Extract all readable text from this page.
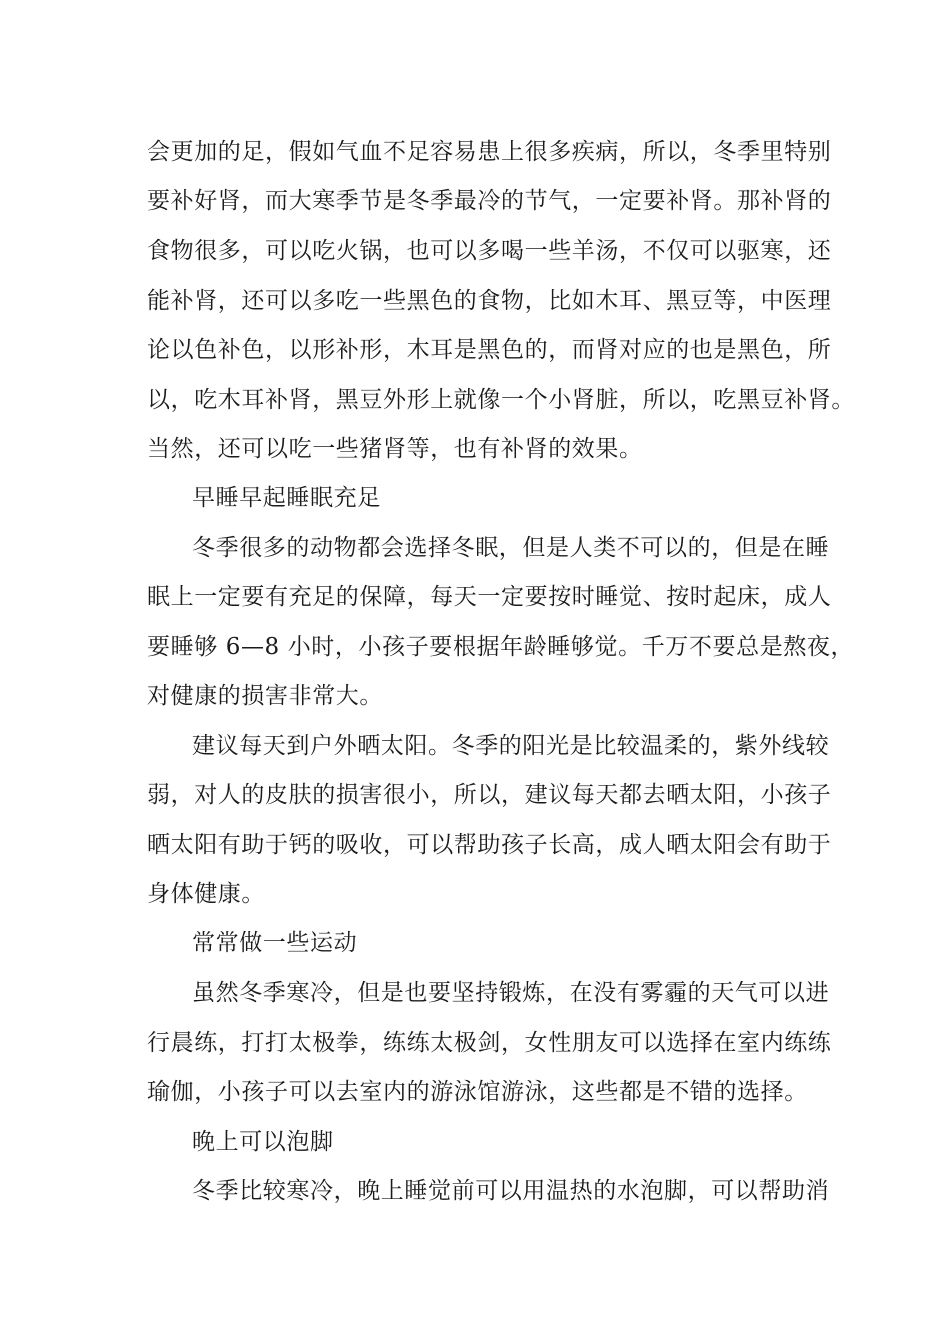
会更加的足，假如气血不足容易患上很多疾病，所以，冬季里特别
要补好肾，而大寒季节是冬季最冷的节气，一定要补肾。那补肾的
食物很多，可以吃火锅，也可以多喝一些羊汤，不仅可以驱寒，还
能补肾，还可以多吃一些黑色的食物，比如木耳、黑豆等，中医理
论以色补色，以形补形，木耳是黑色的，而肾对应的也是黑色，所
以，吃木耳补肾，黑豆外形上就像一个小肾脏，所以，吃黑豆补肾。
当然，还可以吃一些猪肾等，也有补肾的效果。
早睡早起睡眠充足
冬季很多的动物都会选择冬眠，但是人类不可以的，但是在睡
眠上一定要有充足的保障，每天一定要按时睡觉、按时起床，成人
要睡够 6—8 小时，小孩子要根据年龄睡够觉。千万不要总是熬夜，
对健康的损害非常大。
建议每天到户外晒太阳。冬季的阳光是比较温柔的，紫外线较
弱，对人的皮肤的损害很小，所以，建议每天都去晒太阳，小孩子
晒太阳有助于钙的吸收，可以帮助孩子长高，成人晒太阳会有助于
身体健康。
常常做一些运动
虽然冬季寒冷，但是也要坚持锻炼，在没有雾霾的天气可以进
行晨练，打打太极拳，练练太极剑，女性朋友可以选择在室内练练
瑜伽，小孩子可以去室内的游泳馆游泳，这些都是不错的选择。
晚上可以泡脚
冬季比较寒冷，晚上睡觉前可以用温热的水泡脚，可以帮助消
